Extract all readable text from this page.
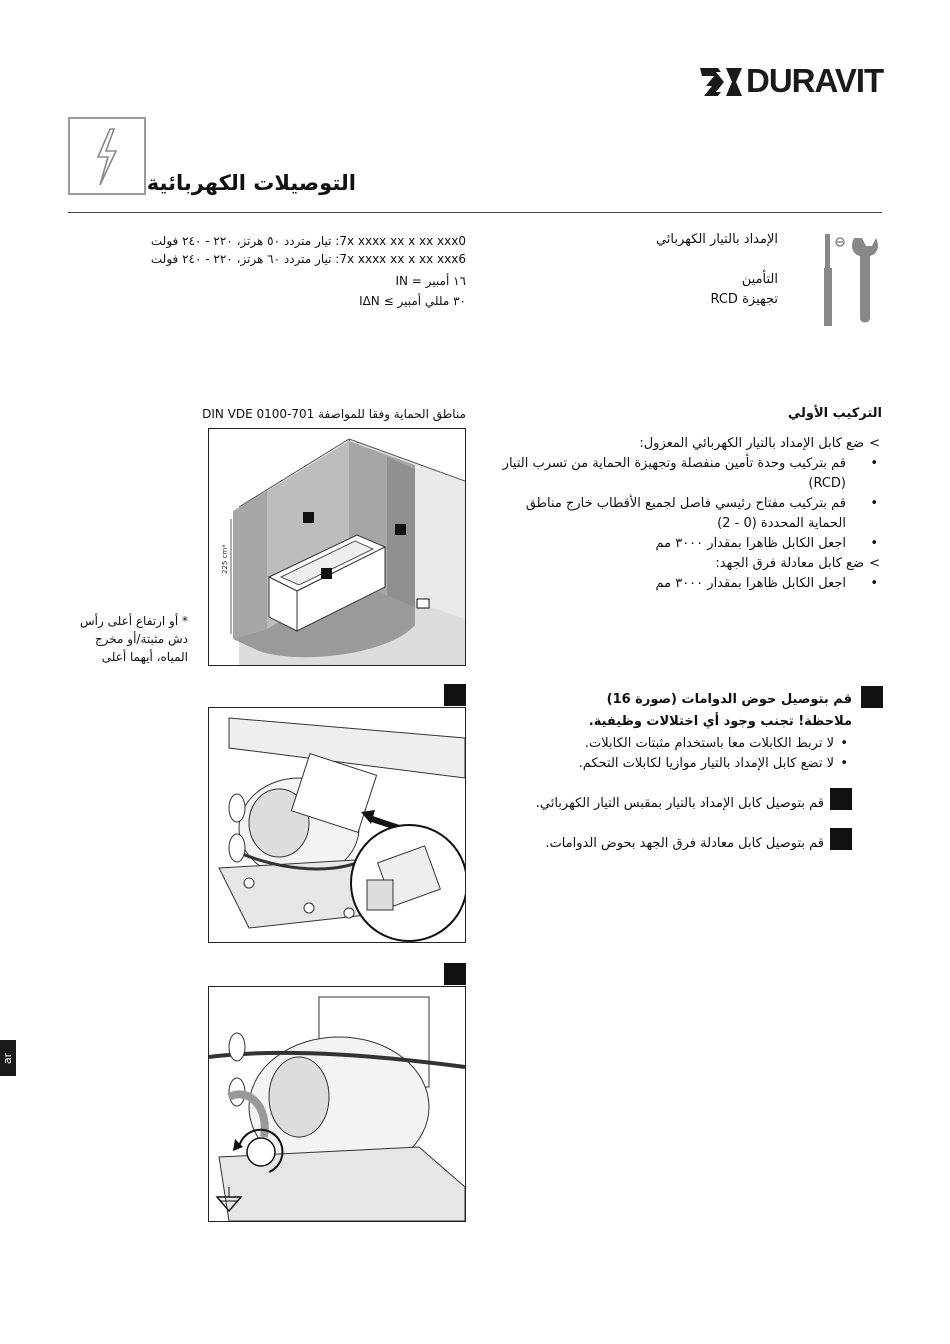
DURAVIT
التوصيلات الكهربائية
7x xxxx xx x xx xxx0: تيار متردد ٥٠ هرتز، ٢٢٠ - ٢٤٠ فولت
7x xxxx xx x xx xxx6: تيار متردد ٦٠ هرتز، ٢٢٠ - ٢٤٠ فولت
١٦ أمبير = IN
٣٠ مللي أمبير ≥ IΔN
الإمداد بالتيار الكهربائي
التأمين
تجهيزة RCD
مناطق الحماية وفقا للمواصفة DIN VDE 0100-701
225 cm*
* أو ارتفاع أعلى رأس دش مثبتة/أو مخرج المياه، أيهما أعلى
التركيب الأولي
> ضع كابل الإمداد بالتيار الكهربائي المعزول:
• قم بتركيب وحدة تأمين منفصلة وتجهيزة الحماية من تسرب التيار (RCD)
• قم بتركيب مفتاح رئيسي فاصل لجميع الأقطاب خارج مناطق الحماية المحددة (0 - 2)
• اجعل الكابل ظاهرا بمقدار ٣٠٠٠ مم
> ضع كابل معادلة فرق الجهد:
• اجعل الكابل ظاهرا بمقدار ٣٠٠٠ مم
قم بتوصيل حوض الدوامات (صورة 16)
ملاحظة! تجنب وجود أي اختلالات وظيفية.
• لا تربط الكابلات معا باستخدام مثبتات الكابلات.
• لا تضع كابل الإمداد بالتيار موازيا لكابلات التحكم.
قم بتوصيل كابل الإمداد بالتيار بمقبس التيار الكهربائي.
قم بتوصيل كابل معادلة فرق الجهد بحوض الدوامات.
ar
